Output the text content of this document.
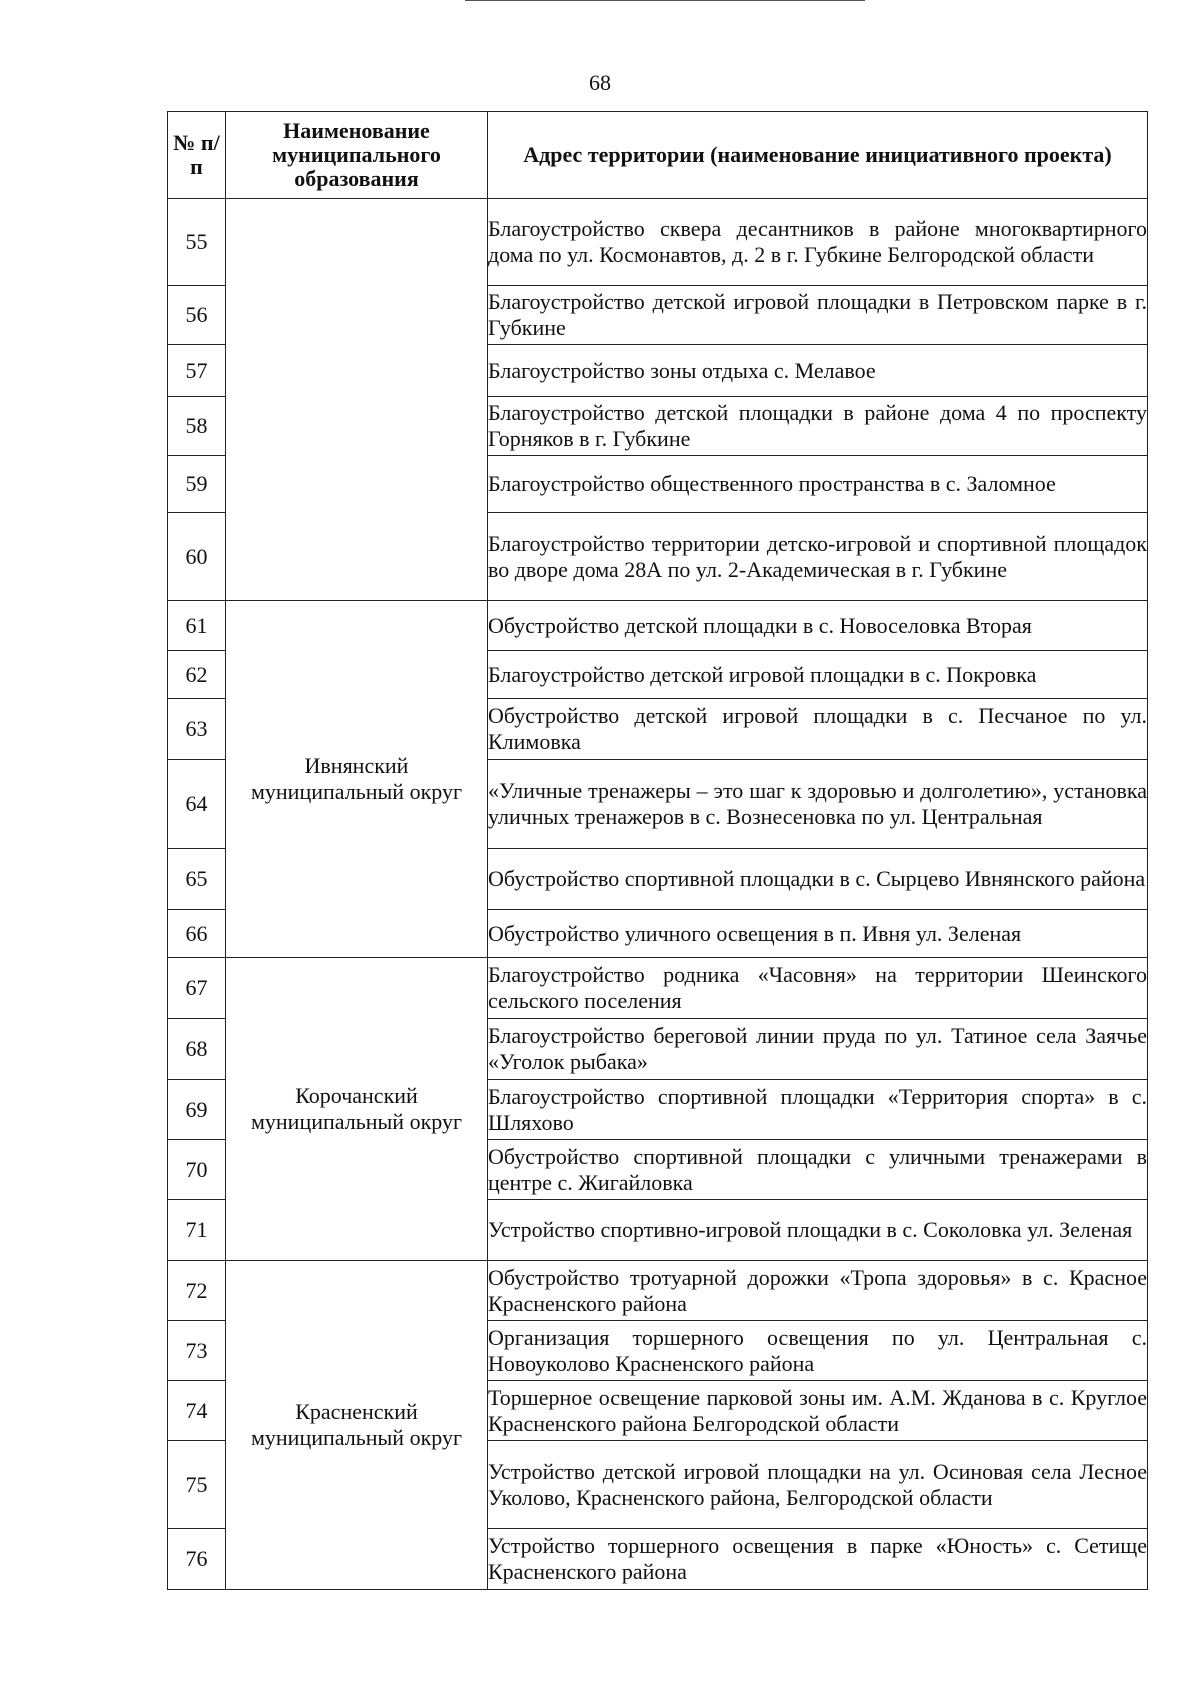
68
№ п/п	Наименование муниципального образования	Адрес территории (наименование инициативного проекта)
55		Благоустройство сквера десантников в районе многоквартирного дома по ул. Космонавтов, д. 2 в г. Губкине Белгородской области
56		Благоустройство детской игровой площадки в Петровском парке в г. Губкине
57		Благоустройство зоны отдыха с. Мелавое
58		Благоустройство детской площадки в районе дома 4 по проспекту Горняков в г. Губкине
59		Благоустройство общественного пространства в с. Заломное
60		Благоустройство территории детско-игровой и спортивной площадок во дворе дома 28А по ул. 2-Академическая в г. Губкине
61	Ивнянский муниципальный округ	Обустройство детской площадки в с. Новоселовка Вторая
62		Благоустройство детской игровой площадки в с. Покровка
63		Обустройство детской игровой площадки в с. Песчаное по ул. Климовка
64		«Уличные тренажеры – это шаг к здоровью и долголетию», установка уличных тренажеров в с. Вознесеновка по ул. Центральная
65		Обустройство спортивной площадки в с. Сырцево Ивнянского района
66		Обустройство уличного освещения в п. Ивня ул. Зеленая
67	Корочанский муниципальный округ	Благоустройство родника «Часовня» на территории Шеинского сельского поселения
68		Благоустройство береговой линии пруда по ул. Татиное села Заячье «Уголок рыбака»
69		Благоустройство спортивной площадки «Территория спорта» в с. Шляхово
70		Обустройство спортивной площадки с уличными тренажерами в центре с. Жигайловка
71		Устройство спортивно-игровой площадки в с. Соколовка ул. Зеленая
72	Красненский муниципальный округ	Обустройство тротуарной дорожки «Тропа здоровья» в с. Красное Красненского района
73		Организация торшерного освещения по ул. Центральная с. Новоуколово Красненского района
74		Торшерное освещение парковой зоны им. А.М. Жданова в с. Круглое Красненского района Белгородской области
75		Устройство детской игровой площадки на ул. Осиновая села Лесное Уколово, Красненского района, Белгородской области
76		Устройство торшерного освещения в парке «Юность» с. Сетище Красненского района
